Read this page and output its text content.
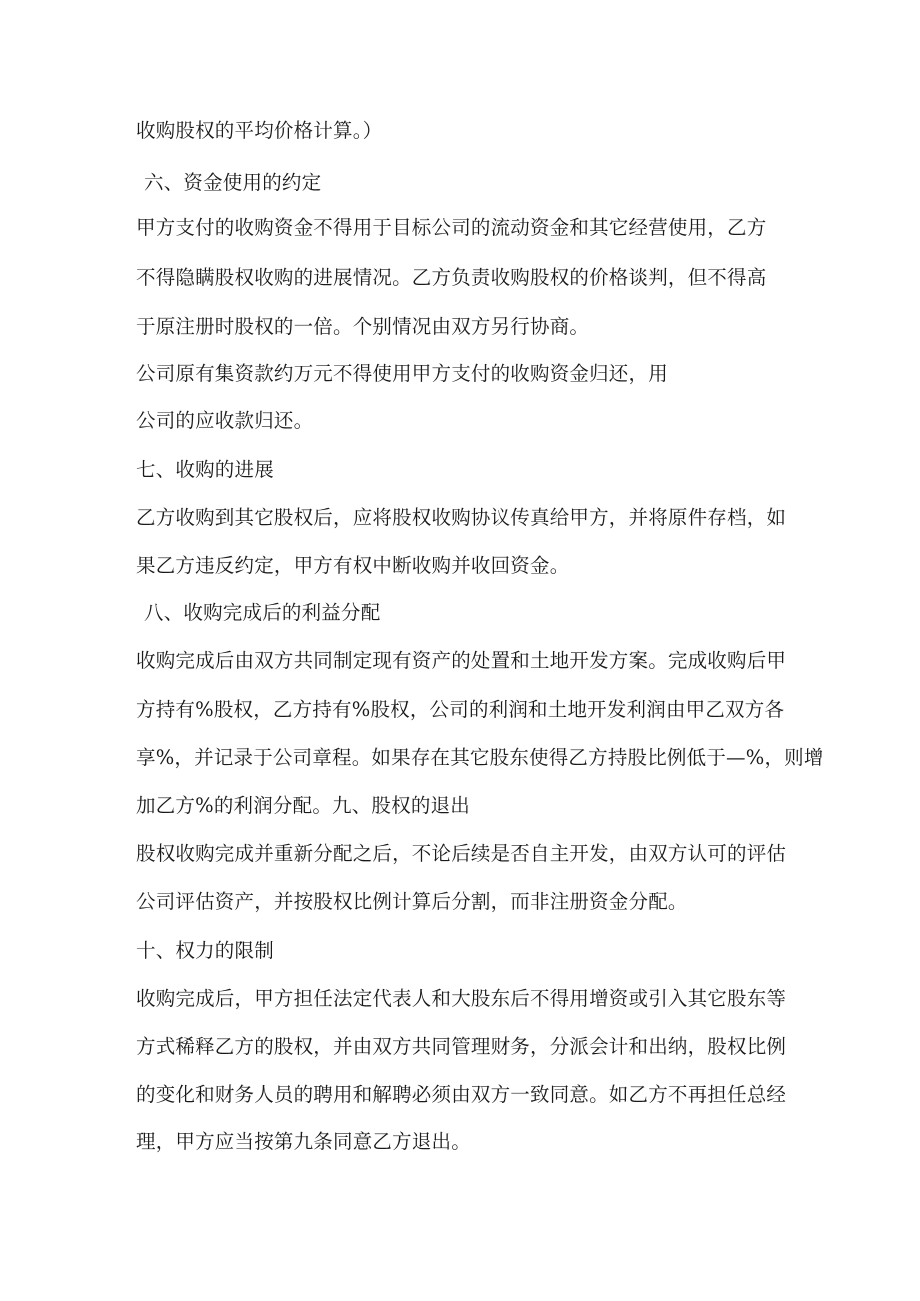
收购股权的平均价格计算。）
六、资金使用的约定
甲方支付的收购资金不得用于目标公司的流动资金和其它经营使用，乙方
不得隐瞒股权收购的进展情况。乙方负责收购股权的价格谈判，但不得高
于原注册时股权的一倍。个别情况由双方另行协商。
公司原有集资款约万元不得使用甲方支付的收购资金归还，用
公司的应收款归还。
七、收购的进展
乙方收购到其它股权后，应将股权收购协议传真给甲方，并将原件存档，如
果乙方违反约定，甲方有权中断收购并收回资金。
八、收购完成后的利益分配
收购完成后由双方共同制定现有资产的处置和土地开发方案。完成收购后甲
方持有%股权，乙方持有%股权，公司的利润和土地开发利润由甲乙双方各
享%，并记录于公司章程。如果存在其它股东使得乙方持股比例低于—%，则增
加乙方%的利润分配。九、股权的退出
股权收购完成并重新分配之后，不论后续是否自主开发，由双方认可的评估
公司评估资产，并按股权比例计算后分割，而非注册资金分配。
十、权力的限制
收购完成后，甲方担任法定代表人和大股东后不得用增资或引入其它股东等
方式稀释乙方的股权，并由双方共同管理财务，分派会计和出纳，股权比例
的变化和财务人员的聘用和解聘必须由双方一致同意。如乙方不再担任总经
理，甲方应当按第九条同意乙方退出。
